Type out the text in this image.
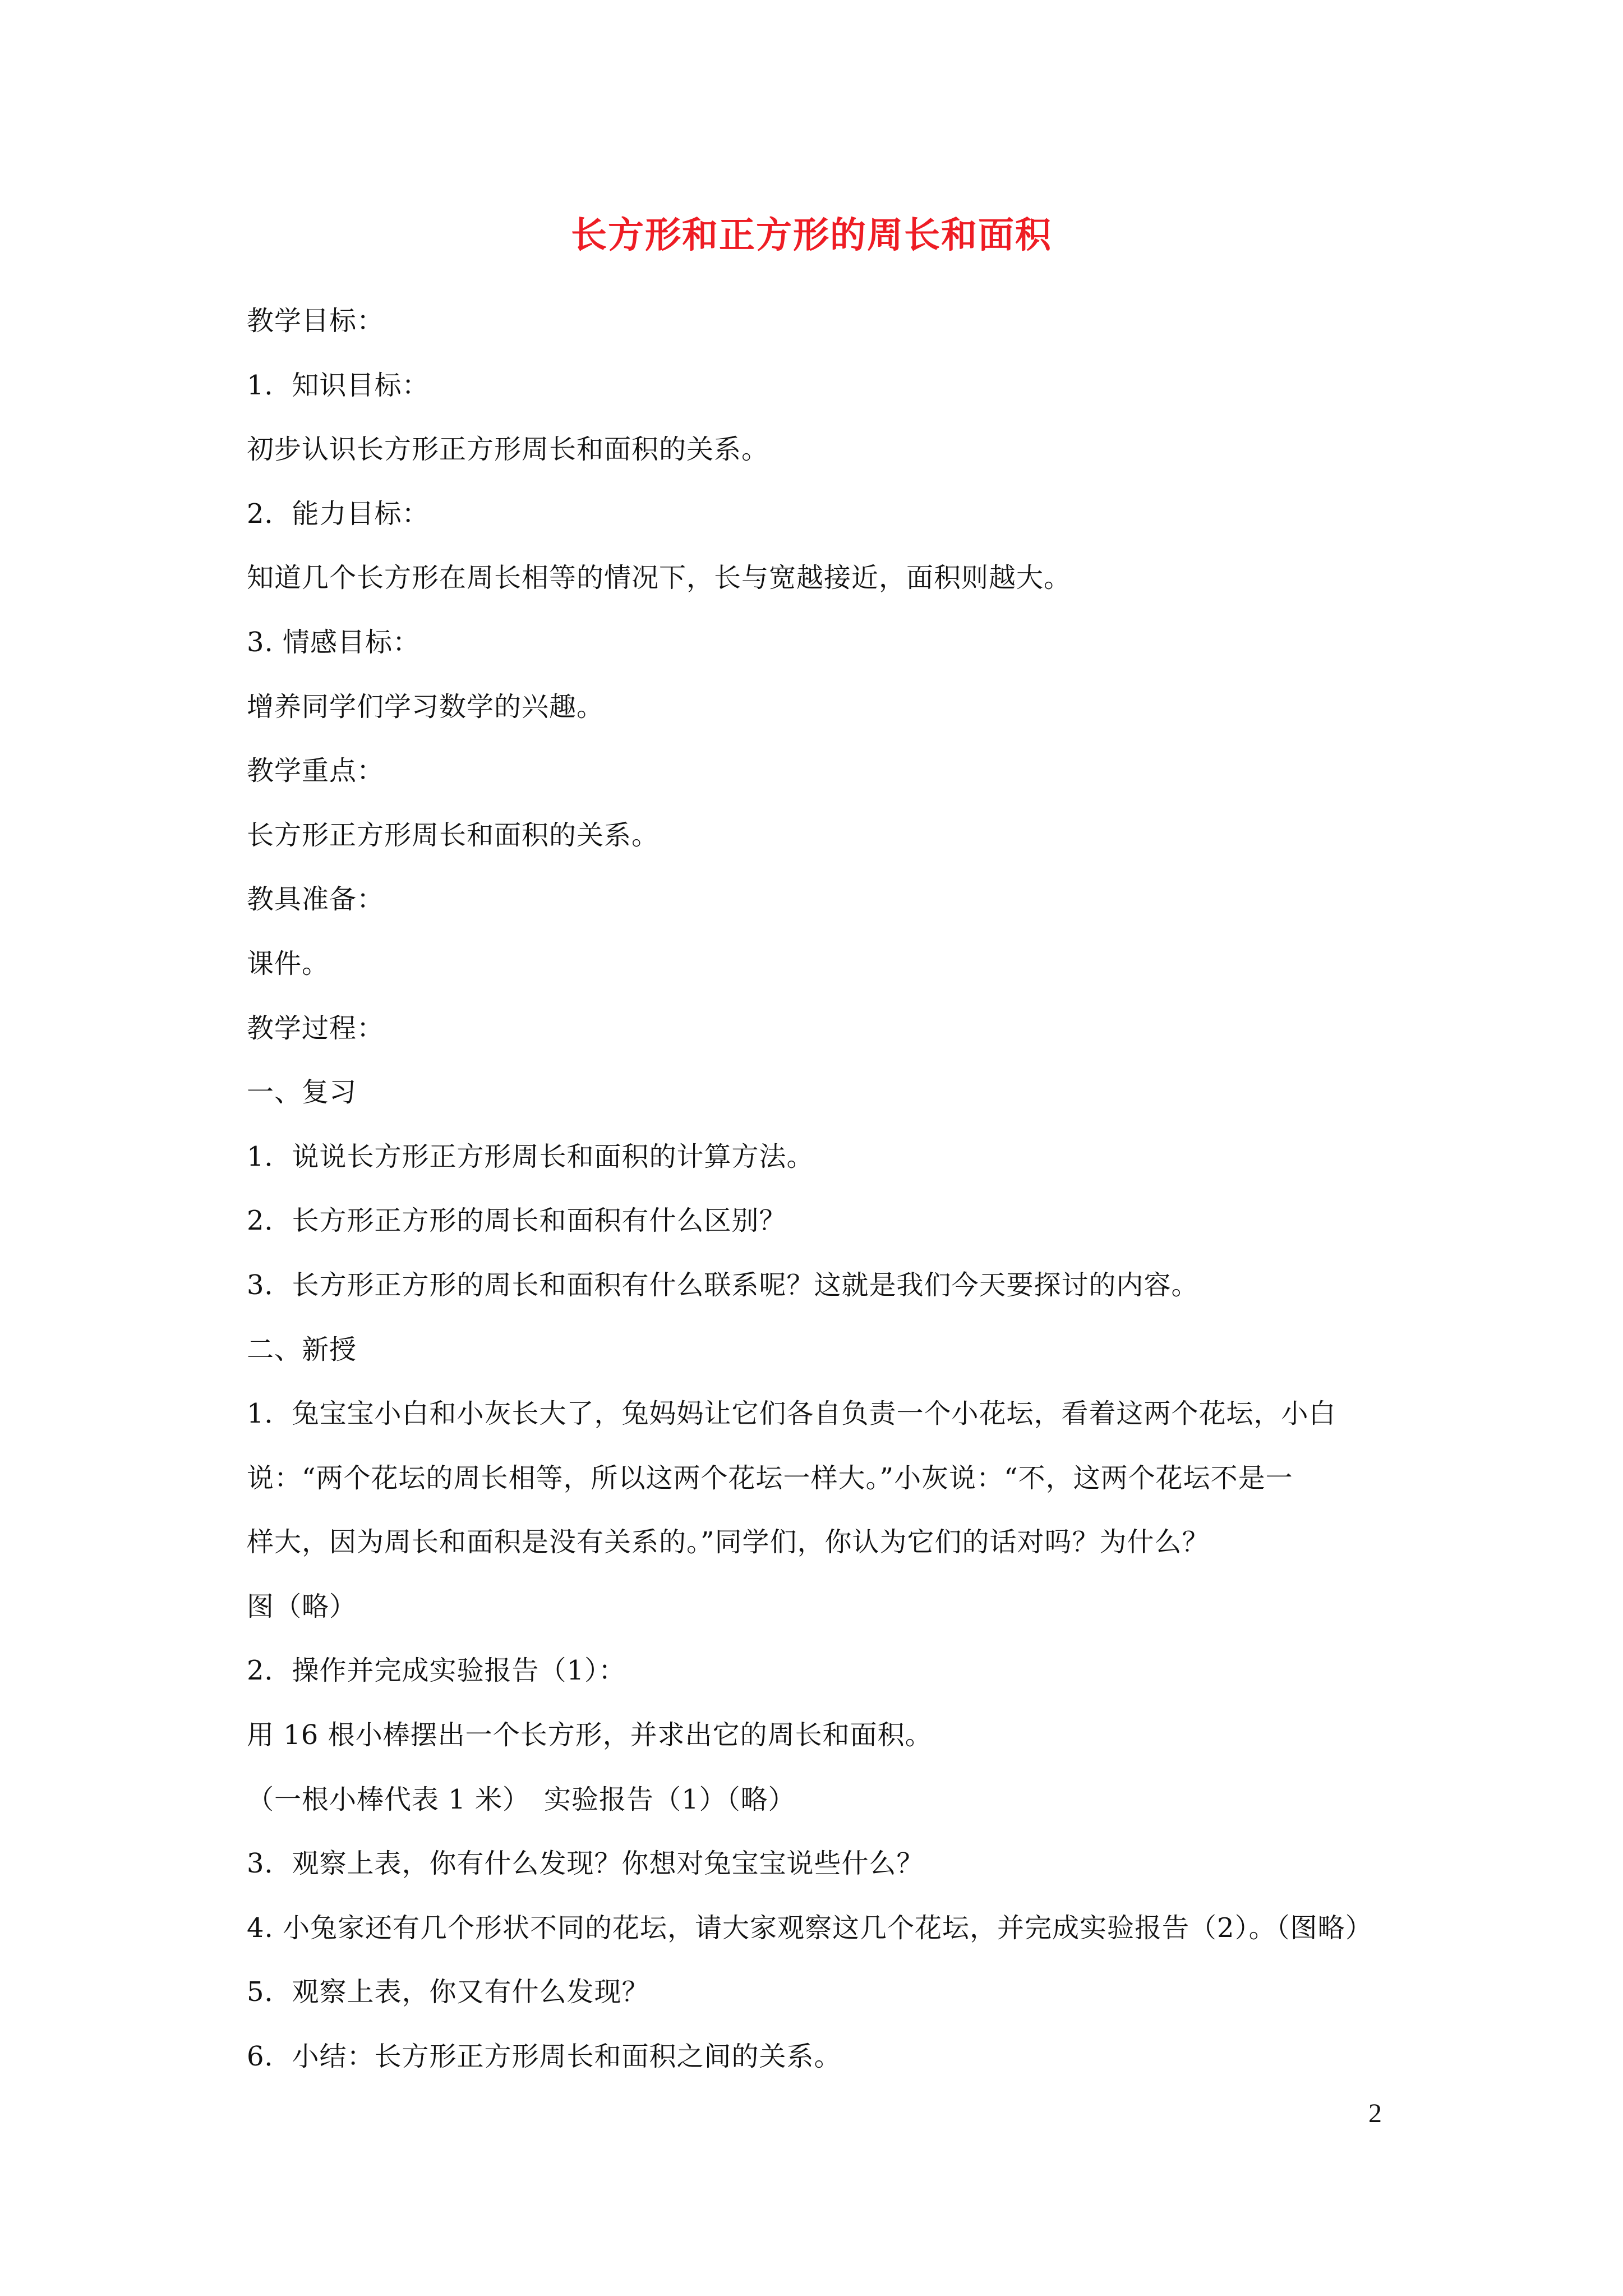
长方形和正方形的周长和面积
教学目标：
1．知识目标：
初步认识长方形正方形周长和面积的关系。
2．能力目标：
知道几个长方形在周长相等的情况下，长与宽越接近，面积则越大。
3. 情感目标：
增养同学们学习数学的兴趣。
教学重点：
长方形正方形周长和面积的关系。
教具准备：
课件。
教学过程：
一、复习
1．说说长方形正方形周长和面积的计算方法。
2．长方形正方形的周长和面积有什么区别？
3．长方形正方形的周长和面积有什么联系呢？这就是我们今天要探讨的内容。
二、新授
1．兔宝宝小白和小灰长大了，兔妈妈让它们各自负责一个小花坛，看着这两个花坛，小白
说：“两个花坛的周长相等，所以这两个花坛一样大。”小灰说：“不，这两个花坛不是一
样大，因为周长和面积是没有关系的。”同学们，你认为它们的话对吗？为什么？
图（略）
2．操作并完成实验报告（1）：
用 16 根小棒摆出一个长方形，并求出它的周长和面积。
（一根小棒代表 1 米）　实验报告（1）（略）
3．观察上表，你有什么发现？你想对兔宝宝说些什么？
4. 小兔家还有几个形状不同的花坛，请大家观察这几个花坛，并完成实验报告（2）。（图略）
5．观察上表，你又有什么发现？
6．小结：长方形正方形周长和面积之间的关系。
2
